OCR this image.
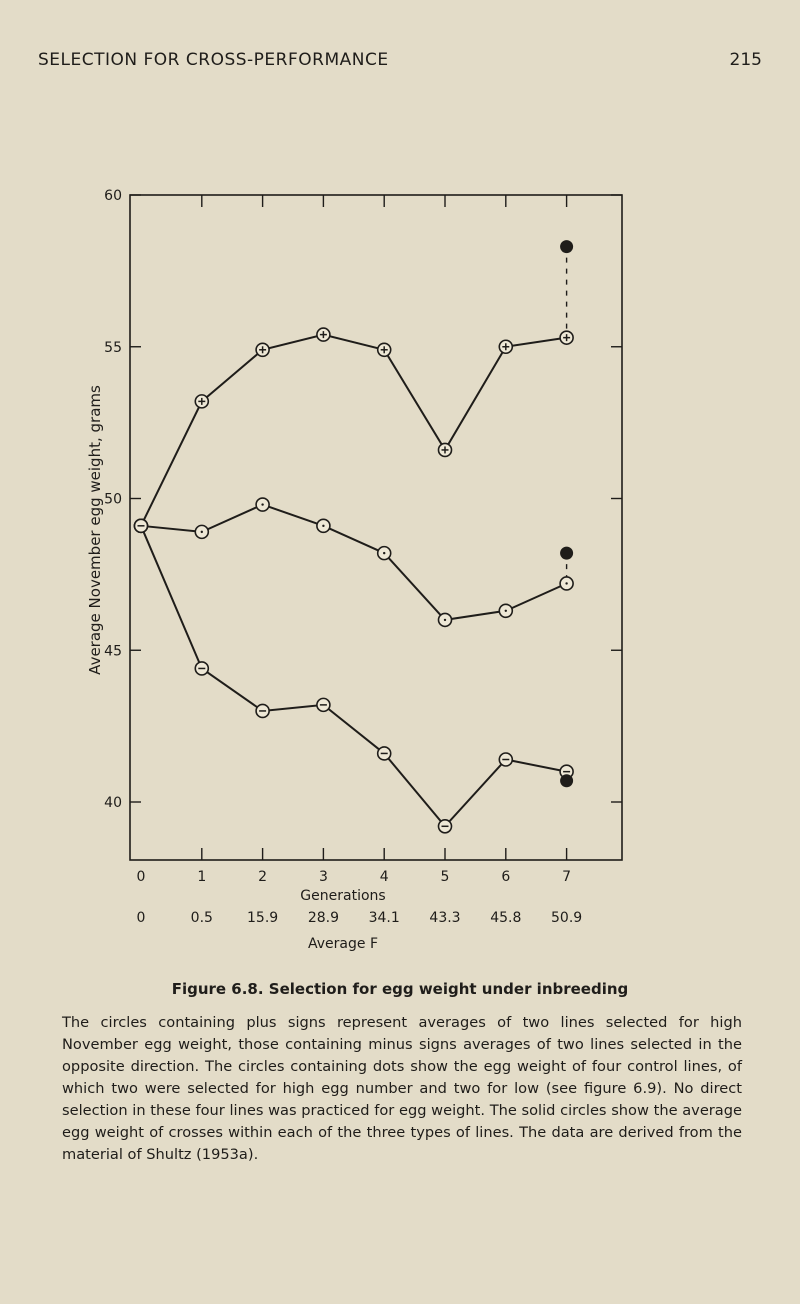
SELECTION FOR CROSS-PERFORMANCE	215
40
45
50
55
60
0
0
1
0.5
2
15.9
3
28.9
4
34.1
5
43.3
6
45.8
7
50.9
Average November egg weight, grams
Generations
Average F
Figure 6.8. Selection for egg weight under inbreeding
The circles containing plus signs represent averages of two lines selected for high November egg weight, those containing minus signs averages of two lines selected in the opposite direction. The circles containing dots show the egg weight of four control lines, of which two were selected for high egg number and two for low (see figure 6.9). No direct selection in these four lines was practiced for egg weight. The solid circles show the average egg weight of crosses within each of the three types of lines. The data are derived from the material of Shultz (1953a).
